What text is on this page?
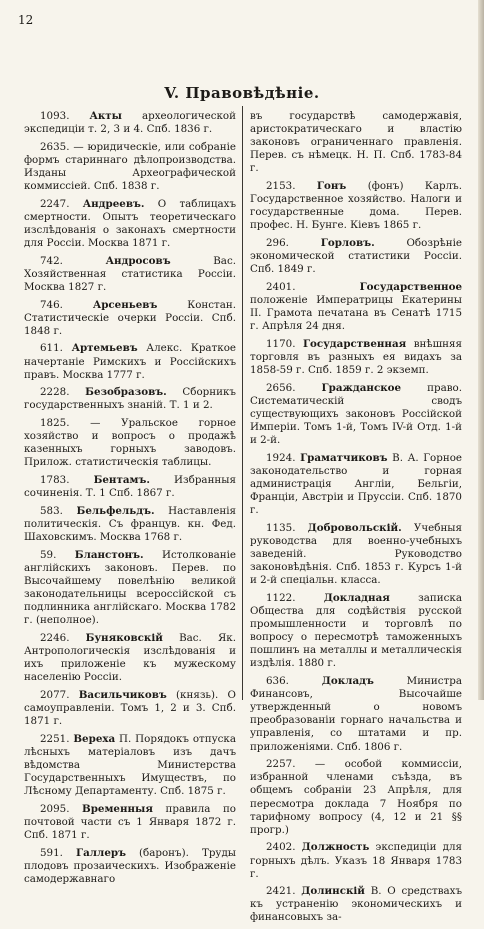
12
V. Правовѣдѣніе.

1093. Акты археологической экспедиціи т. 2, 3 и 4. Спб. 1836 г.

2635. — юридическіе, или собраніе формъ стариннаго дѣлопроизводства. Изданы Археографической коммиссіей. Спб. 1838 г.

2247. Андреевъ. О таблицахъ смертности. Опытъ теоретическаго изслѣдованія о законахъ смертности для Россіи. Москва 1871 г.

742.	Андросовъ Вас. Хозяйственная статистика Россіи. Москва 1827 г.

746.	Арсеньевъ Констан. Статистическіе очерки Россіи. Спб. 1848 г.

611. Артемьевъ Алекс. Краткое начертаніе Римскихъ и Россійскихъ правъ. Москва 1777 г.

2228. Безобразовъ. Сборникъ государственныхъ знаній. Т. 1 и 2.

1825. — Уральское горное хозяйство и вопросъ о продажѣ казенныхъ горныхъ заводовъ. Прилож. статистическія таблицы.

1783. Бентамъ. Избранныя сочиненія. Т. 1 Спб. 1867 г.

583. Бельфельдъ. Наставленія политическія. Съ францув. кн. Фед. Шаховскимъ. Москва 1768 г.

59. Бланстонъ. Истолкованіе англійскихъ законовъ. Перев. по Высочайшему повелѣнію великой законодательницы всероссійской съ подлинника англійскаго. Москва 1782 г. (неполное).

2246. Буняковскій Вас. Як. Антропологическія изслѣдованія и ихъ приложеніе къ мужескому населенію Россіи.

2077. Васильчиковъ (князь). О самоуправленіи. Томъ 1, 2 и 3. Спб. 1871 г.

2251. Вереха П. Порядокъ отпуска лѣсныхъ матеріаловъ изъ дачъ вѣдомства Министерства Государственныхъ Имуществъ, по Лѣсному Департаменту. Спб. 1875 г.

2095. Временныя правила по почтовой части съ 1 Января 1872 г. Спб. 1871 г.

591. Галлеръ (баронъ). Труды плодовъ прозаическихъ. Изображеніе самодержавнаго

въ государствѣ самодержавія, аристократическаго и властію законовъ ограниченнаго правленія. Перев. съ нѣмецк. Н. П. Спб. 1783-84 г.

2153. Гонъ (фонъ) Карлъ. Государственное хозяйство. Налоги и государственные дома. Перев. профес. Н. Бунге. Кіевъ 1865 г.

296.	Горловъ. Обозрѣніе экономической статистики Россіи. Спб. 1849 г.

2401.	Государственное положеніе Императрицы Екатерины II. Грамота печатана въ Сенатѣ 1715 г. Апрѣля 24 дня.

1170. Государственная внѣшняя торговля въ разныхъ ея видахъ за 1858-59 г. Спб. 1859 г. 2 экземп.

2656.	Гражданское право. Систематическій сводъ существующихъ законовъ Россійской Имперіи. Томъ 1-й, Томъ IV-й Отд. 1-й и 2-й.

1924. Граматчиковъ В. А. Горное законодательство и горная администрація Англіи, Бельгіи, Франціи, Австріи и Пруссіи. Спб. 1870 г.

1135. Добровольскій. Учебныя руководства для военно-учебныхъ заведеній. Руководство законовѣдѣнія. Спб. 1853 г. Курсъ 1-й и 2-й спеціальн. класса.

1122.	Докладная записка Общества для содѣйствія русской промышленности и торговлѣ по вопросу о пересмотрѣ таможенныхъ пошлинъ на металлы и металлическія издѣлія. 1880 г.

636.	Докладъ Министра Финансовъ, Высочайше утвержденный о новомъ преобразованіи горнаго начальства и управленія, со штатами и пр. приложеніями. Спб. 1806 г.

2257. — особой коммиссіи, избранной членами съѣзда, въ общемъ собраніи 23 Апрѣля, для пересмотра доклада 7 Ноября по тарифному вопросу (4, 12 и 21 §§ прогр.)

2402. Должность экспедиціи для горныхъ дѣлъ. Указъ 18 Января 1783 г.

2421. Долинскій В. О средствахъ къ устраненію экономическихъ и финансовыхъ за-
